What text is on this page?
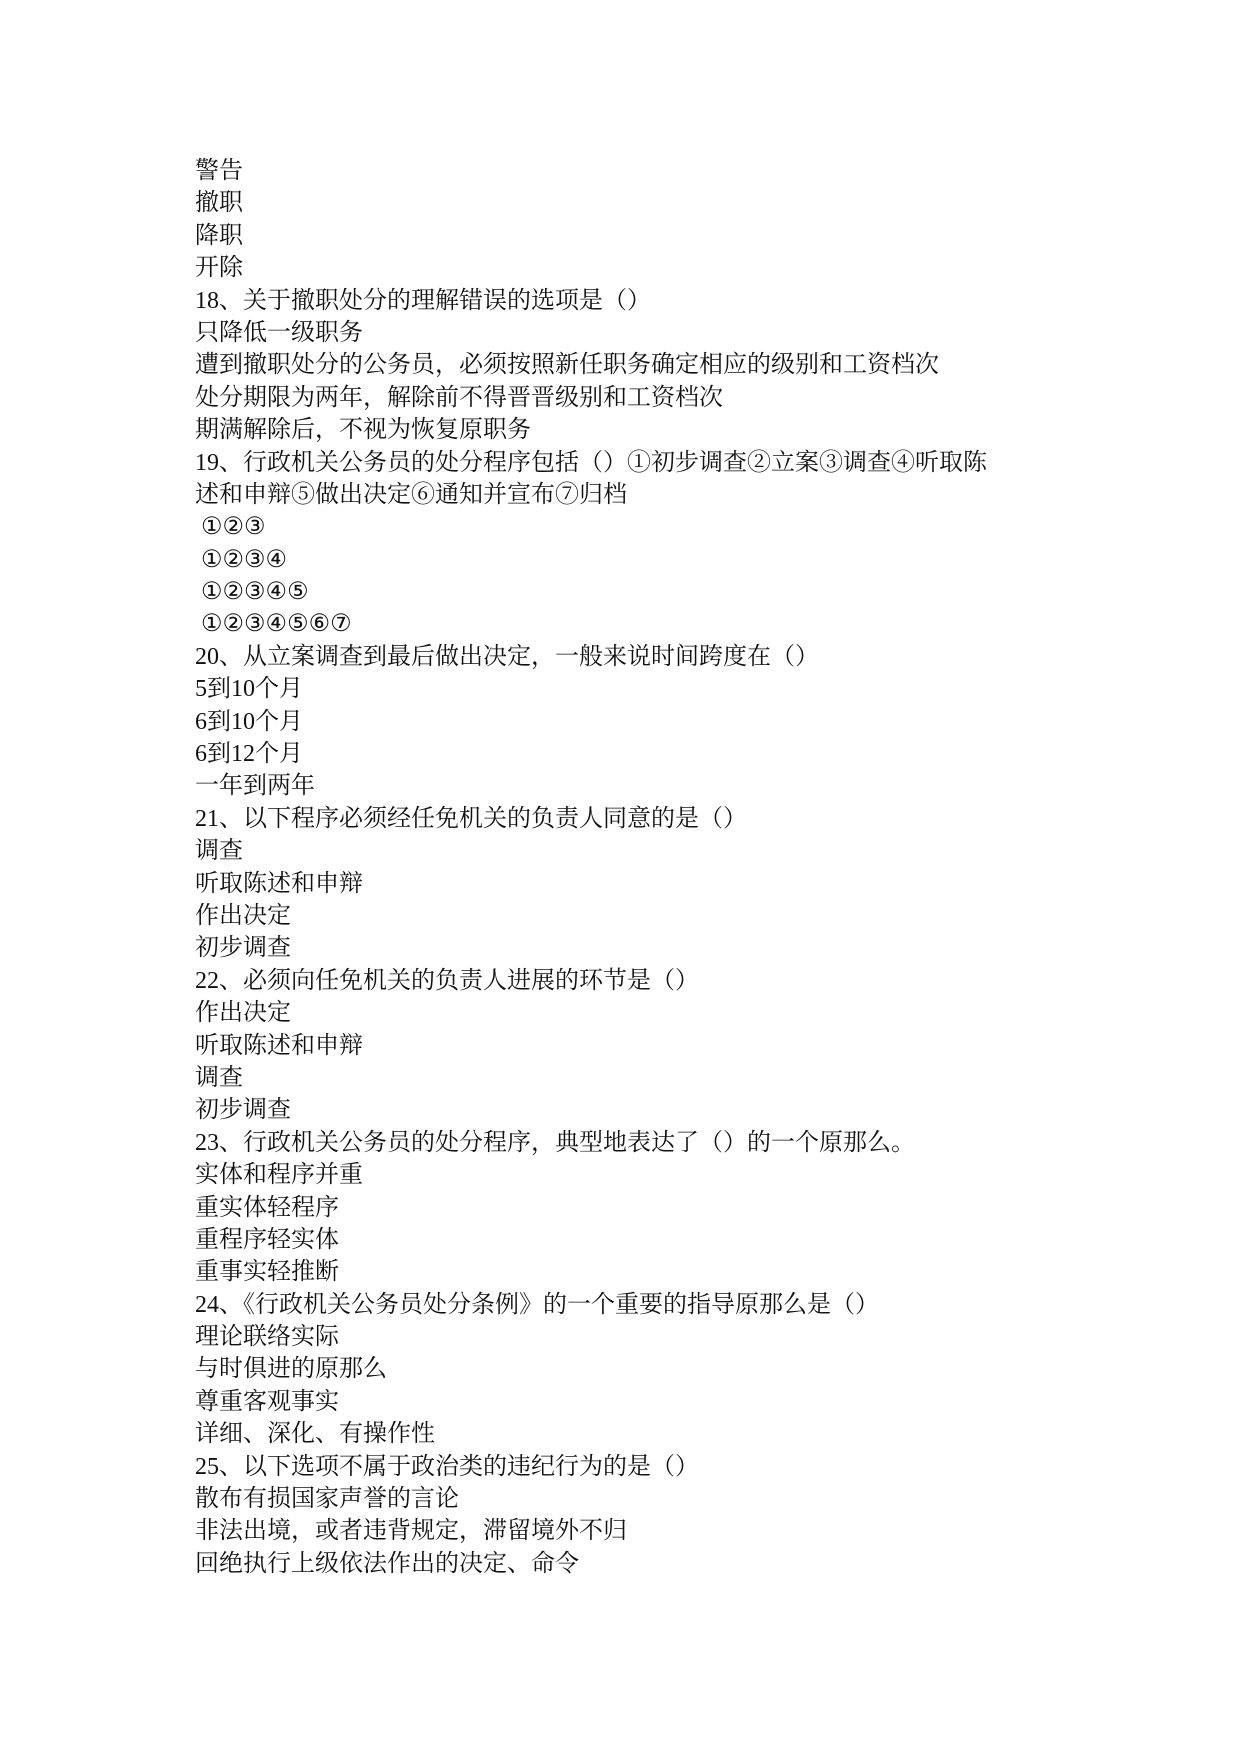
警告
撤职
降职
开除
18、关于撤职处分的理解错误的选项是（）
只降低一级职务
遭到撤职处分的公务员，必须按照新任职务确定相应的级别和工资档次
处分期限为两年，解除前不得晋晋级别和工资档次
期满解除后，不视为恢复原职务
19、行政机关公务员的处分程序包括（）①初步调查②立案③调查④听取陈
述和申辩⑤做出决定⑥通知并宣布⑦归档
①②③
①②③④
①②③④⑤
①②③④⑤⑥⑦
20、从立案调查到最后做出决定，一般来说时间跨度在（）
5到10个月
6到10个月
6到12个月
一年到两年
21、以下程序必须经任免机关的负责人同意的是（）
调查
听取陈述和申辩
作出决定
初步调查
22、必须向任免机关的负责人进展的环节是（）
作出决定
听取陈述和申辩
调查
初步调查
23、行政机关公务员的处分程序，典型地表达了（）的一个原那么。
实体和程序并重
重实体轻程序
重程序轻实体
重事实轻推断
24、《行政机关公务员处分条例》的一个重要的指导原那么是（）
理论联络实际
与时俱进的原那么
尊重客观事实
详细、深化、有操作性
25、以下选项不属于政治类的违纪行为的是（）
散布有损国家声誉的言论
非法出境，或者违背规定，滞留境外不归
回绝执行上级依法作出的决定、命令
